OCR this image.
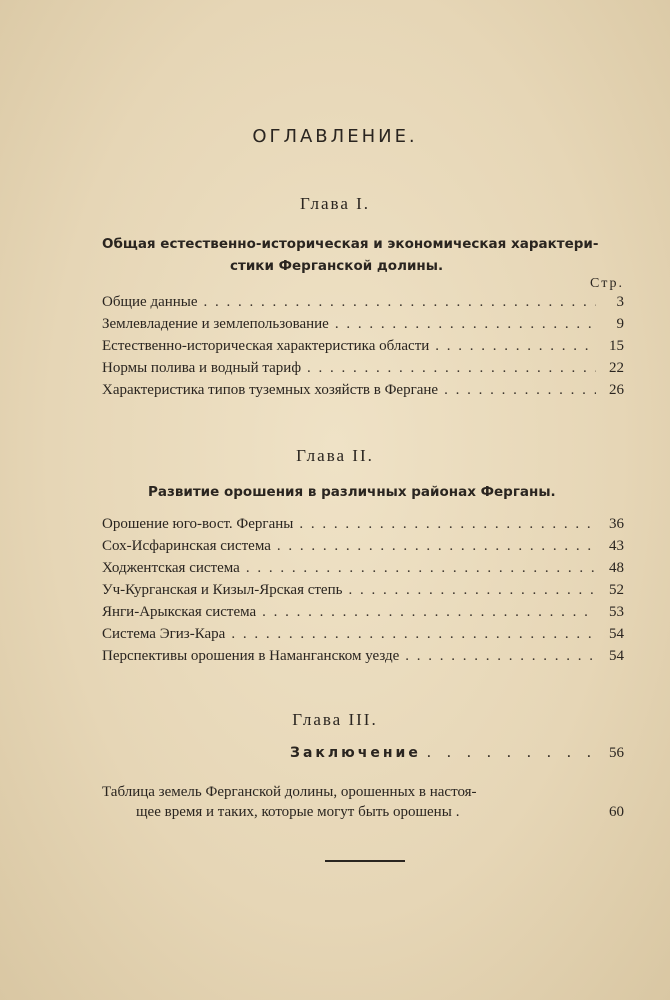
ОГЛАВЛЕНИЕ.
Глава I.
Общая естественно-историческая и экономическая характери-
стики Ферганской долины.
Стр.
Общие данные . . .	3
Землевладение и землепользование . . .	9
Естественно-историческая характеристика области . . .	15
Нормы полива и водный тариф . . .	22
Характеристика типов туземных хозяйств в Фергане . . .	26
Глава II.
Развитие орошения в различных районах Ферганы.
Орошение юго-вост. Ферганы . . .	36
Сох-Исфаринская система . . .	43
Ходжентская система . . .	48
Уч-Курганская и Кизыл-Ярская степь . . .	52
Янги-Арыкская система . . .	53
Система Эгиз-Кара . . .	54
Перспективы орошения в Наманганском уезде . . .	54
Глава III.
Заключение . . .	56
Таблица земель Ферганской долины, орошенных в настоя-
щее время и таких, которые могут быть орошены .	60
